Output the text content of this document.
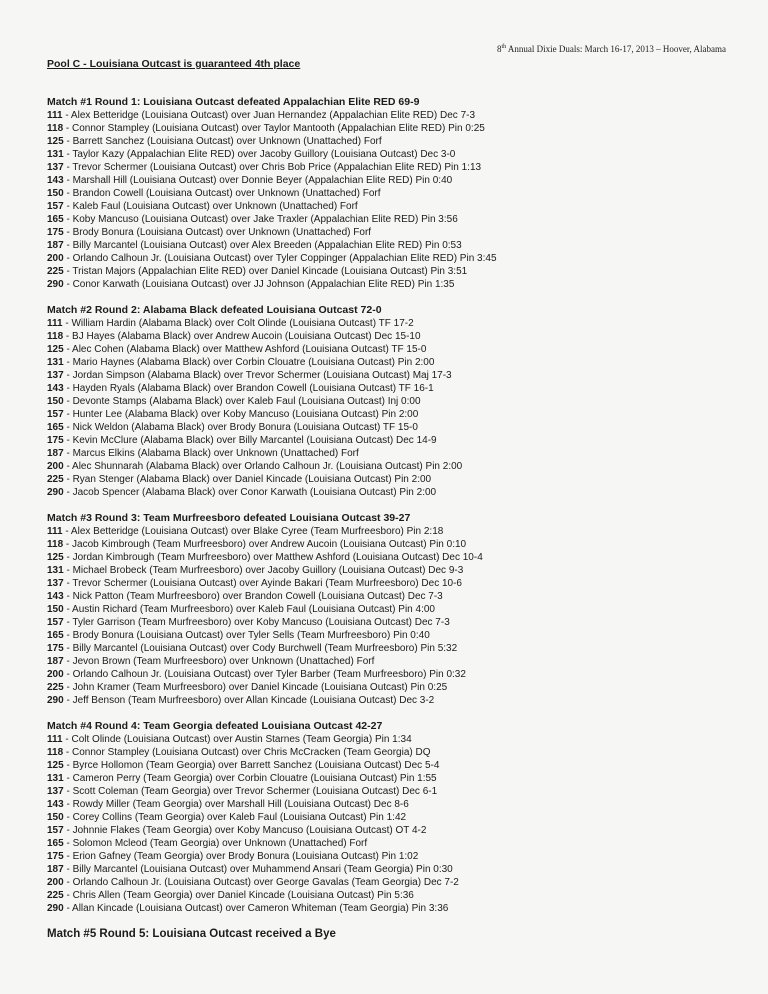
8th Annual Dixie Duals: March 16-17, 2013 – Hoover, Alabama
Pool C - Louisiana Outcast is guaranteed 4th place
Match #1 Round 1: Louisiana Outcast defeated Appalachian Elite RED 69-9
111 - Alex Betteridge (Louisiana Outcast) over Juan Hernandez (Appalachian Elite RED) Dec 7-3
118 - Connor Stampley (Louisiana Outcast) over Taylor Mantooth (Appalachian Elite RED) Pin 0:25
125 - Barrett Sanchez (Louisiana Outcast) over Unknown (Unattached) Forf
131 - Taylor Kazy (Appalachian Elite RED) over Jacoby Guillory (Louisiana Outcast) Dec 3-0
137 - Trevor Schermer (Louisiana Outcast) over Chris Bob Price (Appalachian Elite RED) Pin 1:13
143 - Marshall Hill (Louisiana Outcast) over Donnie Beyer (Appalachian Elite RED) Pin 0:40
150 - Brandon Cowell (Louisiana Outcast) over Unknown (Unattached) Forf
157 - Kaleb Faul (Louisiana Outcast) over Unknown (Unattached) Forf
165 - Koby Mancuso (Louisiana Outcast) over Jake Traxler (Appalachian Elite RED) Pin 3:56
175 - Brody Bonura (Louisiana Outcast) over Unknown (Unattached) Forf
187 - Billy Marcantel (Louisiana Outcast) over Alex Breeden (Appalachian Elite RED) Pin 0:53
200 - Orlando Calhoun Jr. (Louisiana Outcast) over Tyler Coppinger (Appalachian Elite RED) Pin 3:45
225 - Tristan Majors (Appalachian Elite RED) over Daniel Kincade (Louisiana Outcast) Pin 3:51
290 - Conor Karwath (Louisiana Outcast) over JJ Johnson (Appalachian Elite RED) Pin 1:35
Match #2 Round 2: Alabama Black defeated Louisiana Outcast 72-0
111 - William Hardin (Alabama Black) over Colt Olinde (Louisiana Outcast) TF 17-2
118 - BJ Hayes (Alabama Black) over Andrew Aucoin (Louisiana Outcast) Dec 15-10
125 - Alec Cohen (Alabama Black) over Matthew Ashford (Louisiana Outcast) TF 15-0
131 - Mario Haynes (Alabama Black) over Corbin Clouatre (Louisiana Outcast) Pin 2:00
137 - Jordan Simpson (Alabama Black) over Trevor Schermer (Louisiana Outcast) Maj 17-3
143 - Hayden Ryals (Alabama Black) over Brandon Cowell (Louisiana Outcast) TF 16-1
150 - Devonte Stamps (Alabama Black) over Kaleb Faul (Louisiana Outcast) Inj 0:00
157 - Hunter Lee (Alabama Black) over Koby Mancuso (Louisiana Outcast) Pin 2:00
165 - Nick Weldon (Alabama Black) over Brody Bonura (Louisiana Outcast) TF 15-0
175 - Kevin McClure (Alabama Black) over Billy Marcantel (Louisiana Outcast) Dec 14-9
187 - Marcus Elkins (Alabama Black) over Unknown (Unattached) Forf
200 - Alec Shunnarah (Alabama Black) over Orlando Calhoun Jr. (Louisiana Outcast) Pin 2:00
225 - Ryan Stenger (Alabama Black) over Daniel Kincade (Louisiana Outcast) Pin 2:00
290 - Jacob Spencer (Alabama Black) over Conor Karwath (Louisiana Outcast) Pin 2:00
Match #3 Round 3: Team Murfreesboro defeated Louisiana Outcast 39-27
111 - Alex Betteridge (Louisiana Outcast) over Blake Cyree (Team Murfreesboro) Pin 2:18
118 - Jacob Kimbrough (Team Murfreesboro) over Andrew Aucoin (Louisiana Outcast) Pin 0:10
125 - Jordan Kimbrough (Team Murfreesboro) over Matthew Ashford (Louisiana Outcast) Dec 10-4
131 - Michael Brobeck (Team Murfreesboro) over Jacoby Guillory (Louisiana Outcast) Dec 9-3
137 - Trevor Schermer (Louisiana Outcast) over Ayinde Bakari (Team Murfreesboro) Dec 10-6
143 - Nick Patton (Team Murfreesboro) over Brandon Cowell (Louisiana Outcast) Dec 7-3
150 - Austin Richard (Team Murfreesboro) over Kaleb Faul (Louisiana Outcast) Pin 4:00
157 - Tyler Garrison (Team Murfreesboro) over Koby Mancuso (Louisiana Outcast) Dec 7-3
165 - Brody Bonura (Louisiana Outcast) over Tyler Sells (Team Murfreesboro) Pin 0:40
175 - Billy Marcantel (Louisiana Outcast) over Cody Burchwell (Team Murfreesboro) Pin 5:32
187 - Jevon Brown (Team Murfreesboro) over Unknown (Unattached) Forf
200 - Orlando Calhoun Jr. (Louisiana Outcast) over Tyler Barber (Team Murfreesboro) Pin 0:32
225 - John Kramer (Team Murfreesboro) over Daniel Kincade (Louisiana Outcast) Pin 0:25
290 - Jeff Benson (Team Murfreesboro) over Allan Kincade (Louisiana Outcast) Dec 3-2
Match #4 Round 4: Team Georgia defeated Louisiana Outcast 42-27
111 - Colt Olinde (Louisiana Outcast) over Austin Starnes (Team Georgia) Pin 1:34
118 - Connor Stampley (Louisiana Outcast) over Chris McCracken (Team Georgia) DQ
125 - Byrce Hollomon (Team Georgia) over Barrett Sanchez (Louisiana Outcast) Dec 5-4
131 - Cameron Perry (Team Georgia) over Corbin Clouatre (Louisiana Outcast) Pin 1:55
137 - Scott Coleman (Team Georgia) over Trevor Schermer (Louisiana Outcast) Dec 6-1
143 - Rowdy Miller (Team Georgia) over Marshall Hill (Louisiana Outcast) Dec 8-6
150 - Corey Collins (Team Georgia) over Kaleb Faul (Louisiana Outcast) Pin 1:42
157 - Johnnie Flakes (Team Georgia) over Koby Mancuso (Louisiana Outcast) OT 4-2
165 - Solomon Mcleod (Team Georgia) over Unknown (Unattached) Forf
175 - Erion Gafney (Team Georgia) over Brody Bonura (Louisiana Outcast) Pin 1:02
187 - Billy Marcantel (Louisiana Outcast) over Muhammend Ansari (Team Georgia) Pin 0:30
200 - Orlando Calhoun Jr. (Louisiana Outcast) over George Gavalas (Team Georgia) Dec 7-2
225 - Chris Allen (Team Georgia) over Daniel Kincade (Louisiana Outcast) Pin 5:36
290 - Allan Kincade (Louisiana Outcast) over Cameron Whiteman (Team Georgia) Pin 3:36
Match #5 Round 5: Louisiana Outcast received a Bye
